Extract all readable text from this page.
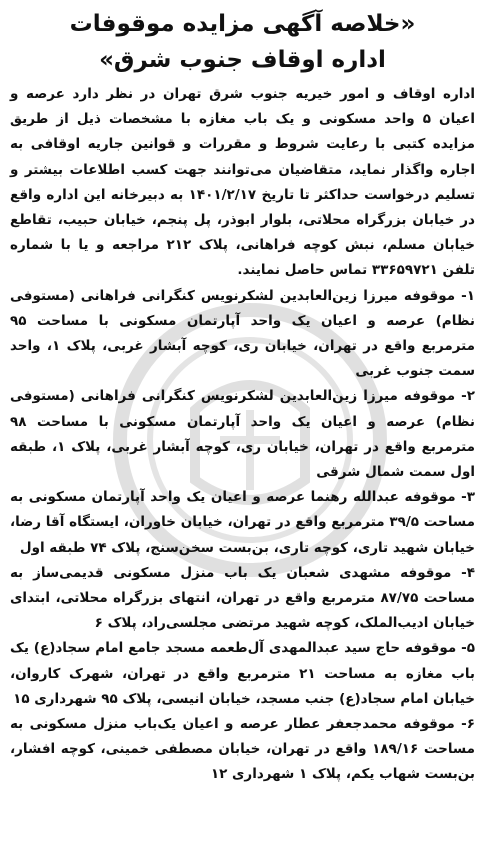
«خلاصه آگهی مزایده موقوفات
اداره اوقاف جنوب شرق»

اداره اوقاف و امور خیریه جنوب شرق تهران در نظر دارد عرصه و اعیان ۵ واحد مسکونی و یک باب مغازه با مشخصات ذیل از طریق مزایده کتبی با رعایت شروط و مقررات و قوانین جاریه اوقافی به اجاره واگذار نماید، متقاضیان می‌توانند جهت کسب اطلاعات بیشتر و تسلیم درخواست حداکثر تا تاریخ ۱۴۰۱/۲/۱۷ به دبیرخانه این اداره واقع در خیابان بزرگراه محلاتی، بلوار ابوذر، پل پنجم، خیابان حبیب، تقاطع خیابان مسلم، نبش کوچه فراهانی، پلاک ۲۱۲ مراجعه و یا با شماره تلفن ۳۳۶۵۹۷۲۱ تماس حاصل نمایند.

۱- موقوفه میرزا زین‌العابدین لشکرنویس کنگرانی فراهانی (مستوفی نظام) عرصه و اعیان یک واحد آپارتمان مسکونی با مساحت ۹۵ مترمربع واقع در تهران، خیابان ری، کوچه آبشار غربی، پلاک ۱، واحد سمت جنوب غربی

۲- موقوفه میرزا زین‌العابدین لشکرنویس کنگرانی فراهانی (مستوفی نظام) عرصه و اعیان یک واحد آپارتمان مسکونی با مساحت ۹۸ مترمربع واقع در تهران، خیابان ری، کوچه آبشار غربی، پلاک ۱، طبقه اول سمت شمال شرقی

۳- موقوفه عبدالله رهنما عرصه و اعیان یک واحد آپارتمان مسکونی به مساحت ۳۹/۵ مترمربع واقع در تهران، خیابان خاوران، ایستگاه آقا رضا، خیابان شهید تاری، کوچه تاری، بن‌بست سخن‌سنج، پلاک ۷۴ طبقه اول

۴- موقوفه مشهدی شعبان یک باب منزل مسکونی قدیمی‌ساز به مساحت ۸۷/۷۵ مترمربع واقع در تهران، انتهای بزرگراه محلاتی، ابتدای خیابان ادیب‌الملک، کوچه شهید مرتضی مجلسی‌راد، پلاک ۶

۵- موقوفه حاج سید عبدالمهدی آل‌طعمه مسجد جامع امام سجاد(ع) یک باب مغازه به مساحت ۲۱ مترمربع واقع در تهران، شهرک کاروان، خیابان امام سجاد(ع) جنب مسجد، خیابان انیسی، پلاک ۹۵ شهرداری ۱۵

۶- موقوفه محمدجعفر عطار عرصه و اعیان یک‌باب منزل مسکونی به مساحت ۱۸۹/۱۶ واقع در تهران، خیابان مصطفی خمینی، کوچه افشار، بن‌بست شهاب یکم، پلاک ۱ شهرداری ۱۲
